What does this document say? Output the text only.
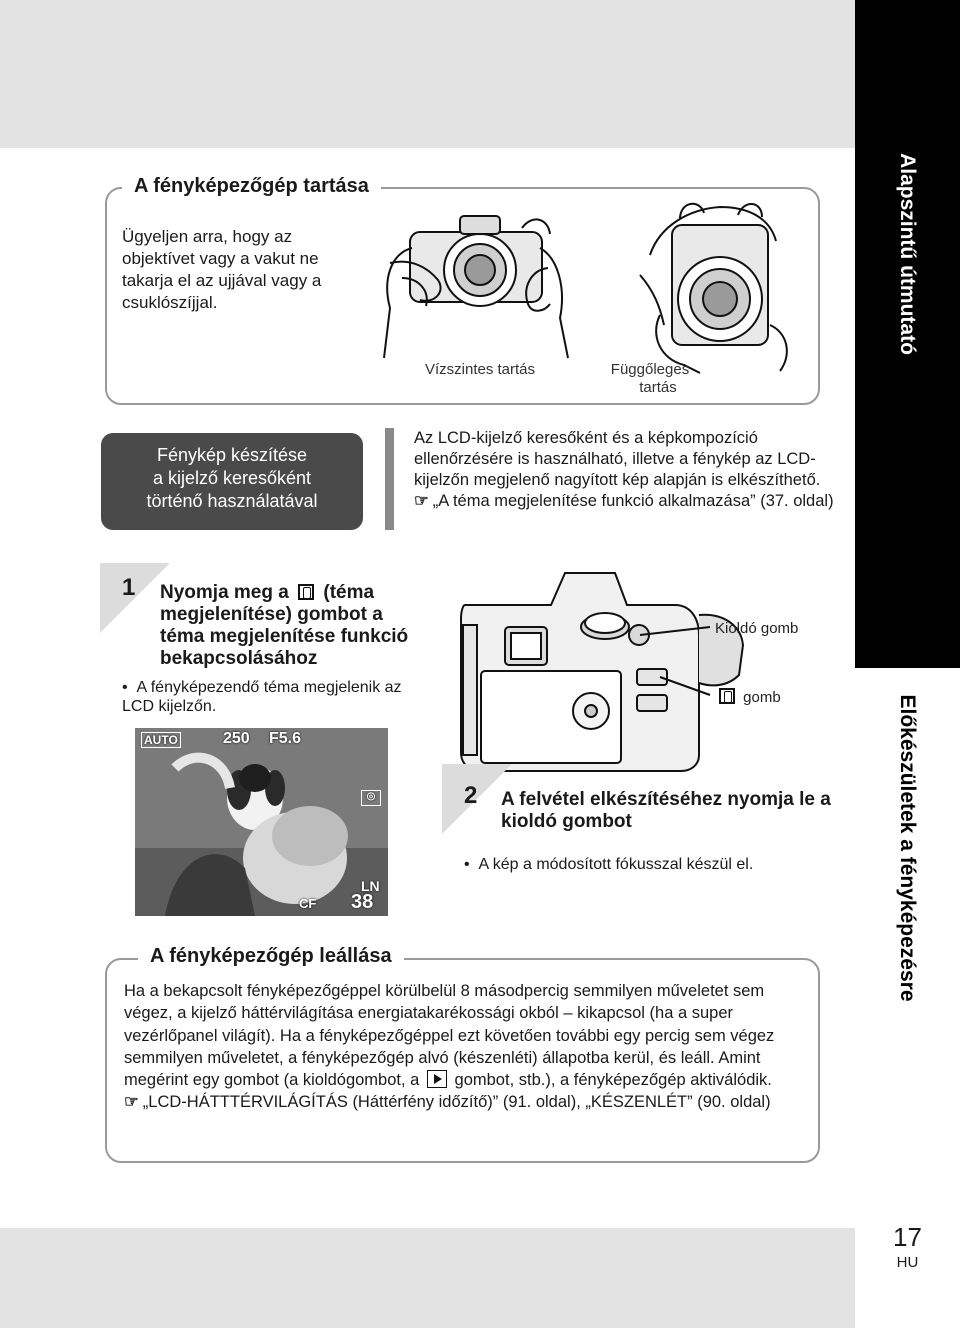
Alapszintű útmutató
Előkészületek a fényképezésre
17
HU
A fényképezőgép tartása
Ügyeljen arra, hogy az objektívet vagy a vakut ne takarja el az ujjával vagy a csuklószíjjal.
Vízszintes tartás	Függőleges
tartás
Fénykép készítése
a kijelző keresőként
történő használatával
Az LCD-kijelző keresőként és a képkompozíció ellenőrzésére is használható, illetve a fénykép az LCD-kijelzőn megjelenő nagyított kép alapján is elkészíthető. ☞ „A téma megjelenítése funkció alkalmazása” (37. oldal)
1 Nyomja meg a (téma megjelenítése) gombot a téma megjelenítése funkció bekapcsolásához
•  A fényképezendő téma megjelenik az LCD kijelzőn.
AUTO	250 F5.6
◎
LN
CF 38
Kioldó gomb
gomb
2 A felvétel elkészítéséhez nyomja le a kioldó gombot
•  A kép a módosított fókusszal készül el.
A fényképezőgép leállása
Ha a bekapcsolt fényképezőgéppel körülbelül 8 másodpercig semmilyen műveletet sem végez, a kijelző háttérvilágítása energiatakarékossági okból – kikapcsol (ha a super vezérlőpanel világít). Ha a fényképezőgéppel ezt követően további egy percig sem végez semmilyen műveletet, a fényképezőgép alvó (készenléti) állapotba kerül, és leáll. Amint megérint egy gombot (a kioldógombot, a gombot, stb.), a fényképezőgép aktiválódik.
☞ „LCD-HÁTTTÉRVILÁGÍTÁS (Háttérfény időzítő)” (91. oldal), „KÉSZENLÉT” (90. oldal)
